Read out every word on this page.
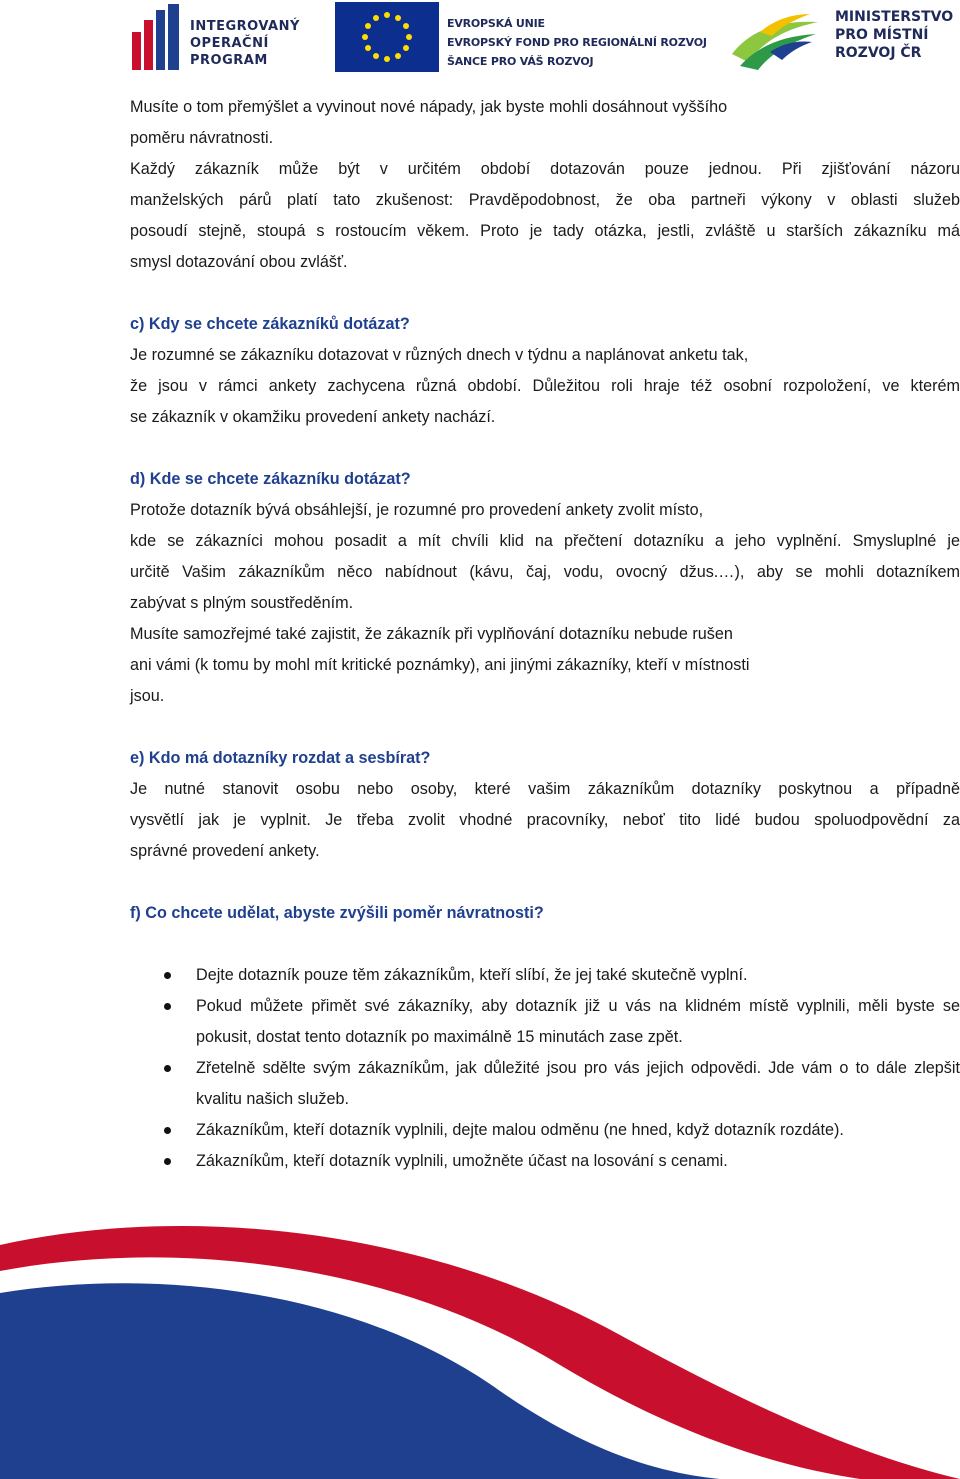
INTEGROVANÝ
OPERAČNÍ
PROGRAM
EVROPSKÁ UNIE
EVROPSKÝ FOND PRO REGIONÁLNÍ ROZVOJ
ŠANCE PRO VÁŠ ROZVOJ
MINISTERSTVO
PRO MÍSTNÍ
ROZVOJ ČR

Musíte o tom přemýšlet a vyvinout nové nápady, jak byste mohli dosáhnout vyššího

poměru návratnosti.

Každý zákazník může být v určitém období dotazován pouze jednou. Při zjišťování názoru

manželských párů platí tato zkušenost: Pravděpodobnost, že oba partneři výkony v oblasti služeb

posoudí stejně, stoupá s rostoucím věkem. Proto je tady otázka, jestli, zvláště u starších zákazníku má

smysl dotazování obou zvlášť.

c) Kdy se chcete zákazníků dotázat?

Je rozumné se zákazníku dotazovat v různých dnech v týdnu a naplánovat anketu tak,

že jsou v rámci ankety zachycena různá období. Důležitou roli hraje též osobní rozpoložení, ve kterém

se zákazník v okamžiku provedení ankety nachází.

d) Kde se chcete zákazníku dotázat?

Protože dotazník bývá obsáhlejší, je rozumné pro provedení ankety zvolit místo,

kde se zákazníci mohou posadit a mít chvíli klid na přečtení dotazníku a jeho vyplnění. Smysluplné je

určitě Vašim zákazníkům něco nabídnout (kávu, čaj, vodu, ovocný džus.…), aby se mohli dotazníkem

zabývat s plným soustředěním.

Musíte samozřejmé také zajistit, že zákazník při vyplňování dotazníku nebude rušen

ani vámi (k tomu by mohl mít kritické poznámky), ani jinými zákazníky, kteří v místnosti

jsou.

e) Kdo má dotazníky rozdat a sesbírat?

Je nutné stanovit osobu nebo osoby, které vašim zákazníkům dotazníky poskytnou a případně

vysvětlí jak je vyplnit. Je třeba zvolit vhodné pracovníky, neboť tito lidé budou spoluodpovědní za

správné provedení ankety.

f) Co chcete udělat, abyste zvýšili poměr návratnosti?

Dejte dotazník pouze těm zákazníkům, kteří slíbí, že jej také skutečně vyplní.
Pokud můžete přimět své zákazníky, aby dotazník již u vás na klidném místě vyplnili, měli byste se pokusit, dostat tento dotazník po maximálně 15 minutách zase zpět.
Zřetelně sdělte svým zákazníkům, jak důležité jsou pro vás jejich odpovědi. Jde vám o to dále zlepšit kvalitu našich služeb.
Zákazníkům, kteří dotazník vyplnili, dejte malou odměnu (ne hned, když dotazník rozdáte).
Zákazníkům, kteří dotazník vyplnili, umožněte účast na losování s cenami.
